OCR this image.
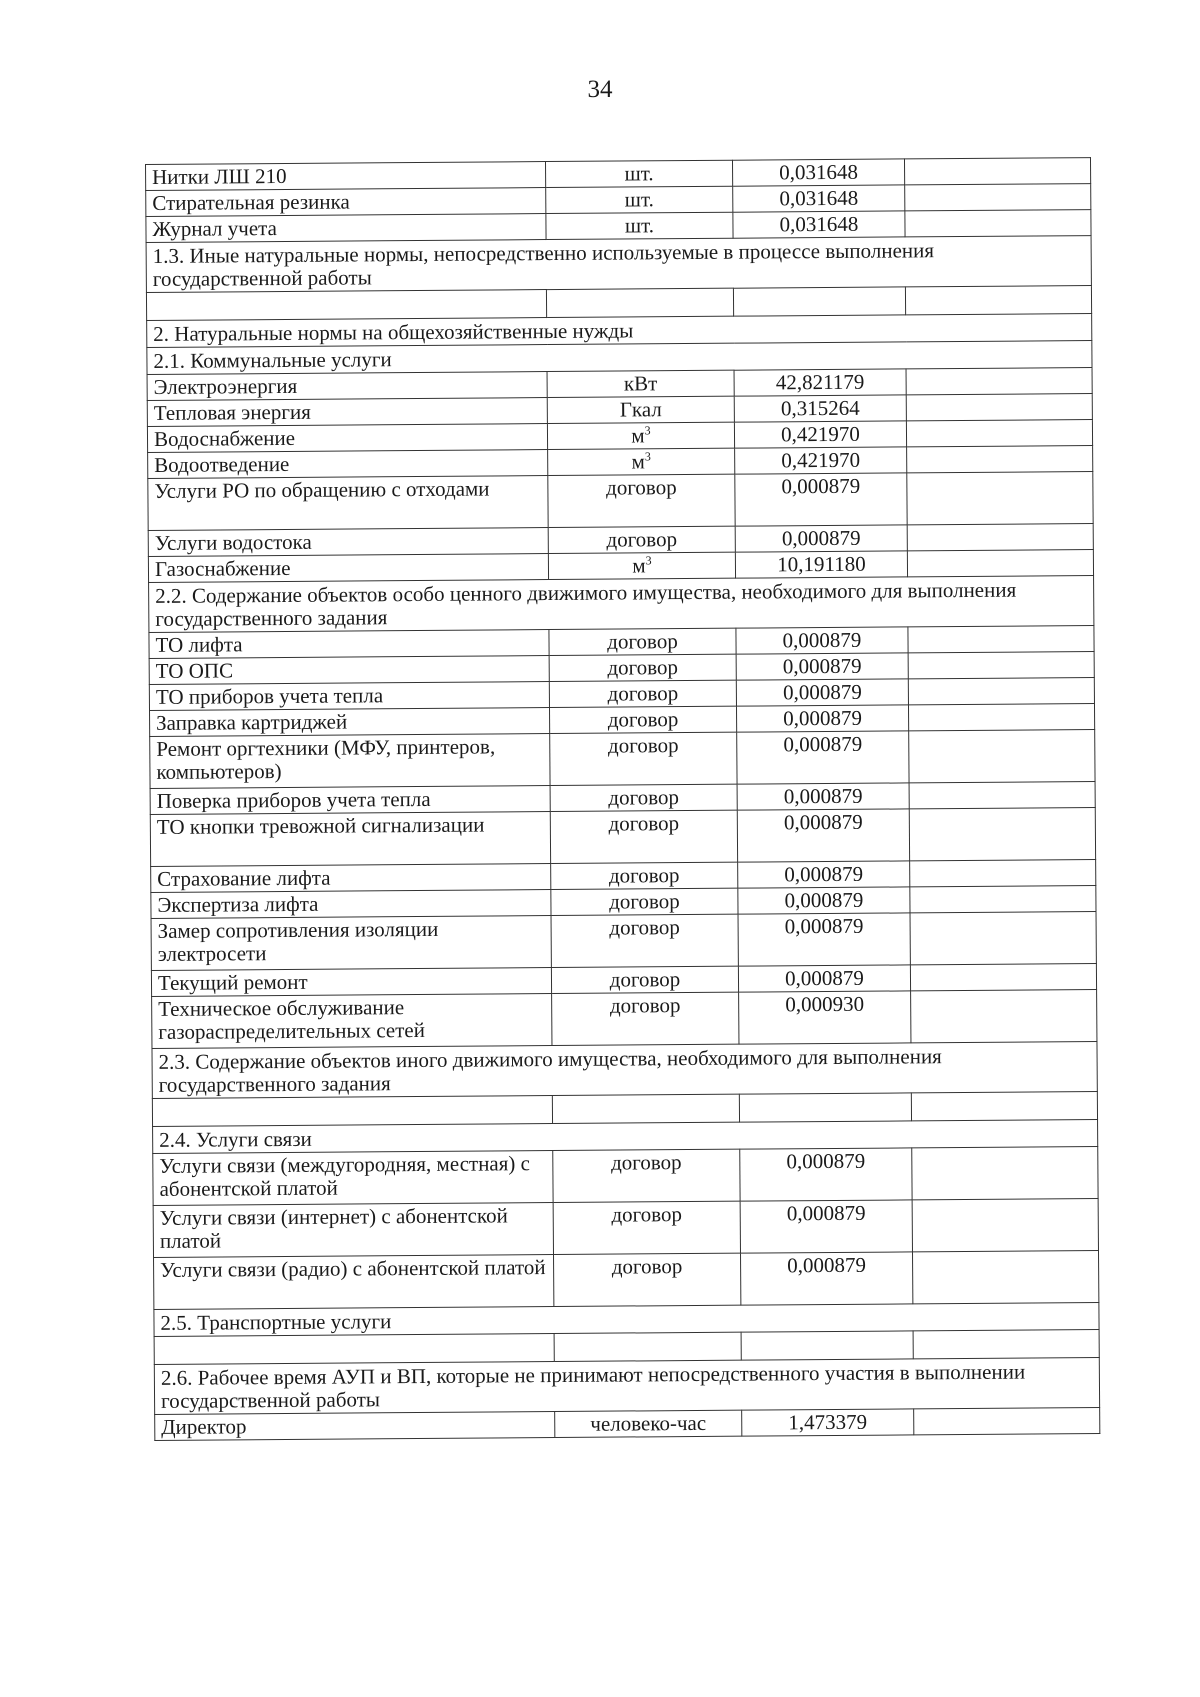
34
Нитки ЛШ 210	шт.	0,031648	
Стирательная резинка	шт.	0,031648	
Журнал учета	шт.	0,031648	
1.3. Иные натуральные нормы, непосредственно используемые в процессе выполнения государственной работы			

2. Натуральные нормы на общехозяйственные нужды			
2.1. Коммунальные услуги			
Электроэнергия	кВт	42,821179	
Тепловая энергия	Гкал	0,315264	
Водоснабжение	$м^3$	0,421970	
Водоотведение	$м^3$	0,421970	
Услуги РО по обращению с отходами	договор	0,000879	
Услуги водостока	договор	0,000879	
Газоснабжение	$м^3$	10,191180	
2.2. Содержание объектов особо ценного движимого имущества, необходимого для выполнения государственного задания			
ТО лифта	договор	0,000879	
ТО ОПС	договор	0,000879	
ТО приборов учета тепла	договор	0,000879	
Заправка картриджей	договор	0,000879	
Ремонт оргтехники (МФУ, принтеров, компьютеров)	договор	0,000879	
Поверка приборов учета тепла	договор	0,000879	
ТО кнопки тревожной сигнализации	договор	0,000879	
Страхование лифта	договор	0,000879	
Экспертиза лифта	договор	0,000879	
Замер сопротивления изоляции электросети	договор	0,000879	
Текущий ремонт	договор	0,000879	
Техническое обслуживание газораспределительных сетей	договор	0,000930	
2.3. Содержание объектов иного движимого имущества, необходимого для выполнения государственного задания			

2.4. Услуги связи			
Услуги связи (междугородняя, местная) с абонентской платой	договор	0,000879	
Услуги связи (интернет) с абонентской платой	договор	0,000879	
Услуги связи (радио) с абонентской платой	договор	0,000879	
2.5. Транспортные услуги			

2.6. Рабочее время АУП и ВП, которые не принимают непосредственного участия в выполнении государственной работы			
Директор	человеко-час	1,473379	
